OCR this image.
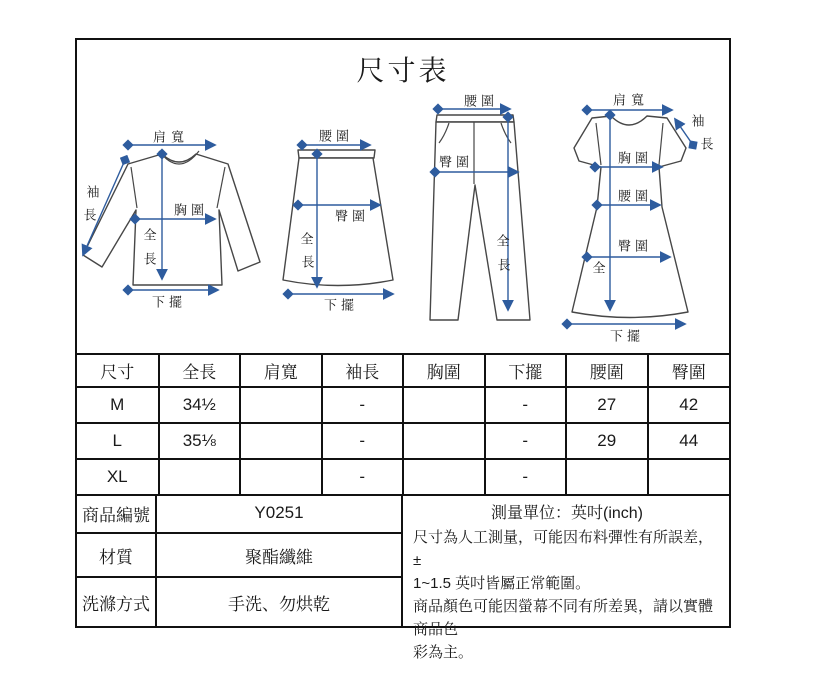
尺寸表
肩寬
袖
長	胸圍
全
長
下擺
腰圍
臀圍
全
長
下擺
腰圍
臀圍
全
長
肩寬
袖
長
胸圍
腰圍
臀圍
全
下擺
尺寸	全長	肩寬	袖長	胸圍	下擺	腰圍	臀圍
M	34½		-		-	27	42
L	35⅛		-		-	29	44
XL			-		-		
商品編號	Y0251	測量單位：英吋(inch)
尺寸為人工測量，可能因布料彈性有所誤差，±
1~1.5 英吋皆屬正常範圍。
商品顏色可能因螢幕不同有所差異，請以實體商品色
彩為主。
材質	聚酯纖維
洗滌方式	手洗、勿烘乾
